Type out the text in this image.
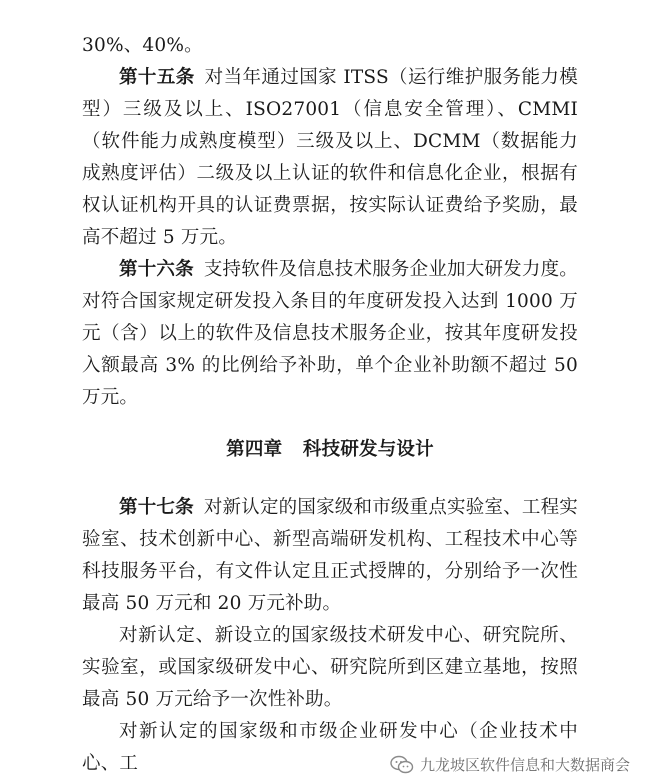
30%、40%。

第十五条 对当年通过国家 ITSS（运行维护服务能力模型）三级及以上、ISO27001（信息安全管理）、CMMI（软件能力成熟度模型）三级及以上、DCMM（数据能力成熟度评估）二级及以上认证的软件和信息化企业，根据有权认证机构开具的认证费票据，按实际认证费给予奖励，最高不超过 5 万元。

第十六条 支持软件及信息技术服务企业加大研发力度。对符合国家规定研发投入条目的年度研发投入达到 1000 万元（含）以上的软件及信息技术服务企业，按其年度研发投入额最高 3% 的比例给予补助，单个企业补助额不超过 50 万元。

第四章 科技研发与设计

第十七条 对新认定的国家级和市级重点实验室、工程实验室、技术创新中心、新型高端研发机构、工程技术中心等科技服务平台，有文件认定且正式授牌的，分别给予一次性最高 50 万元和 20 万元补助。

对新认定、新设立的国家级技术研发中心、研究院所、实验室，或国家级研发中心、研究院所到区建立基地，按照最高 50 万元给予一次性补助。

对新认定的国家级和市级企业研发中心（企业技术中心、工	九龙坡区软件信息和大数据商会
